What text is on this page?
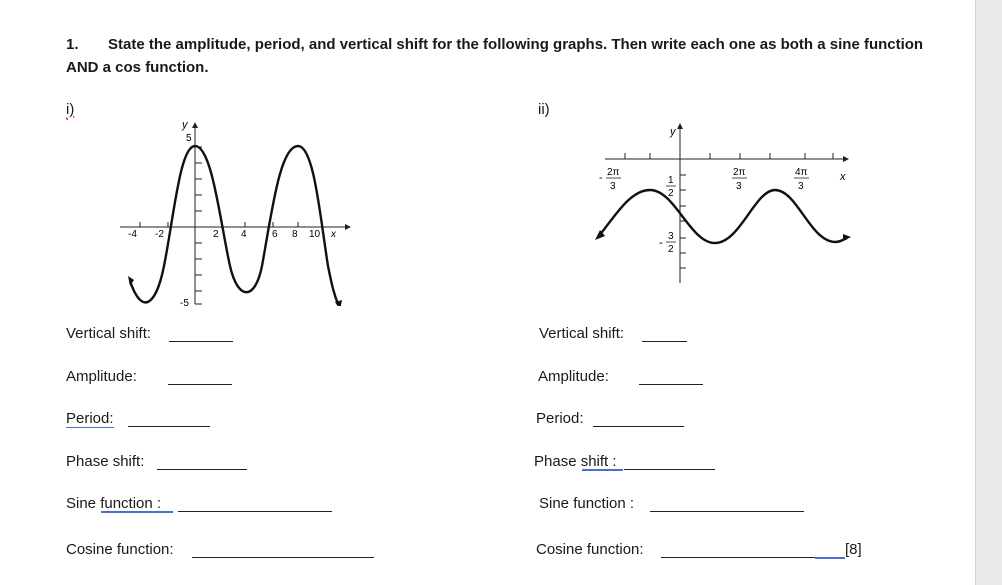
1. State the amplitude, period, and vertical shift for the following graphs. Then write each one as both a sine function AND a cos function.
i)
y
5
-5
-4 -2	2 4	6 8 10 x
ii)
y
x
- 2π
3
2π
3
4π
3
1
2
-
3
2
Vertical shift:
Amplitude:
Period:
Phase shift:
Sine function :
Cosine function:
Vertical shift:
Amplitude:
Period:
Phase shift :
Sine function :
Cosine function:	[8]
